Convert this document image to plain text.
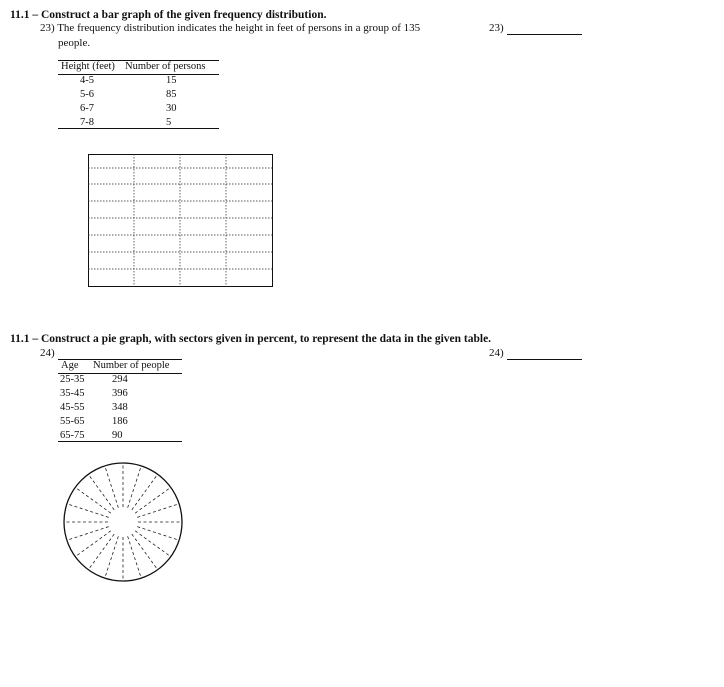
11.1 – Construct a bar graph of the given frequency distribution.
23) The frequency distribution indicates the height in feet of persons in a group of 135
people.
23)
Height (feet) Number of persons
4-5	15
5-6	85
6-7	30
7-8	5
11.1 – Construct a pie graph, with sectors given in percent, to represent the data in the given table.
24)	24)
Age Number of people
25-35	294
35-45	396
45-55	348
55-65	186
65-75	90
